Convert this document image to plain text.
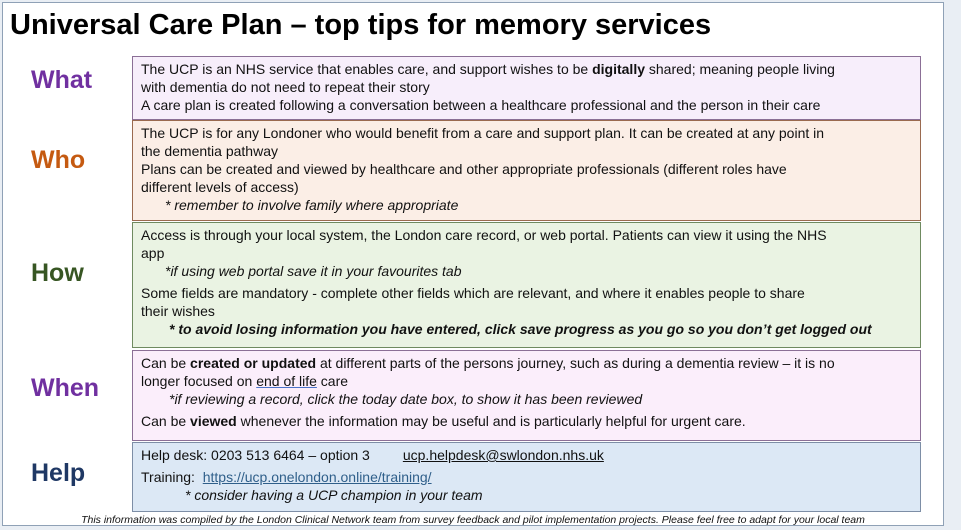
Universal Care Plan – top tips for memory services
What	The UCP is an NHS service that enables care, and support wishes to be digitally shared; meaning people living

with dementia do not need to repeat their story

A care plan is created following a conversation between a healthcare professional and the person in their care

Who

The UCP is for any Londoner who would benefit from a care and support plan. It can be created at any point in

the dementia pathway

Plans can be created and viewed by healthcare and other appropriate professionals (different roles have

different levels of access)

* remember to involve family where appropriate

How

Access is through your local system, the London care record, or web portal. Patients can view it using the NHS

app

*if using web portal save it in your favourites tab

Some fields are mandatory - complete other fields which are relevant, and where it enables people to share

their wishes

* to avoid losing information you have entered, click save progress as you go so you don’t get logged out

When

Can be created or updated at different parts of the persons journey, such as during a dementia review – it is no

longer focused on end of life care

*if reviewing a record, click the today date box, to show it has been reviewed

Can be viewed whenever the information may be useful and is particularly helpful for urgent care.

Help

Help desk: 0203 513 6464 – option 3 ucp.helpdesk@swlondon.nhs.uk

Training: https://ucp.onelondon.online/training/

* consider having a UCP champion in your team

This information was compiled by the London Clinical Network team from survey feedback and pilot implementation projects. Please feel free to adapt for your local team
